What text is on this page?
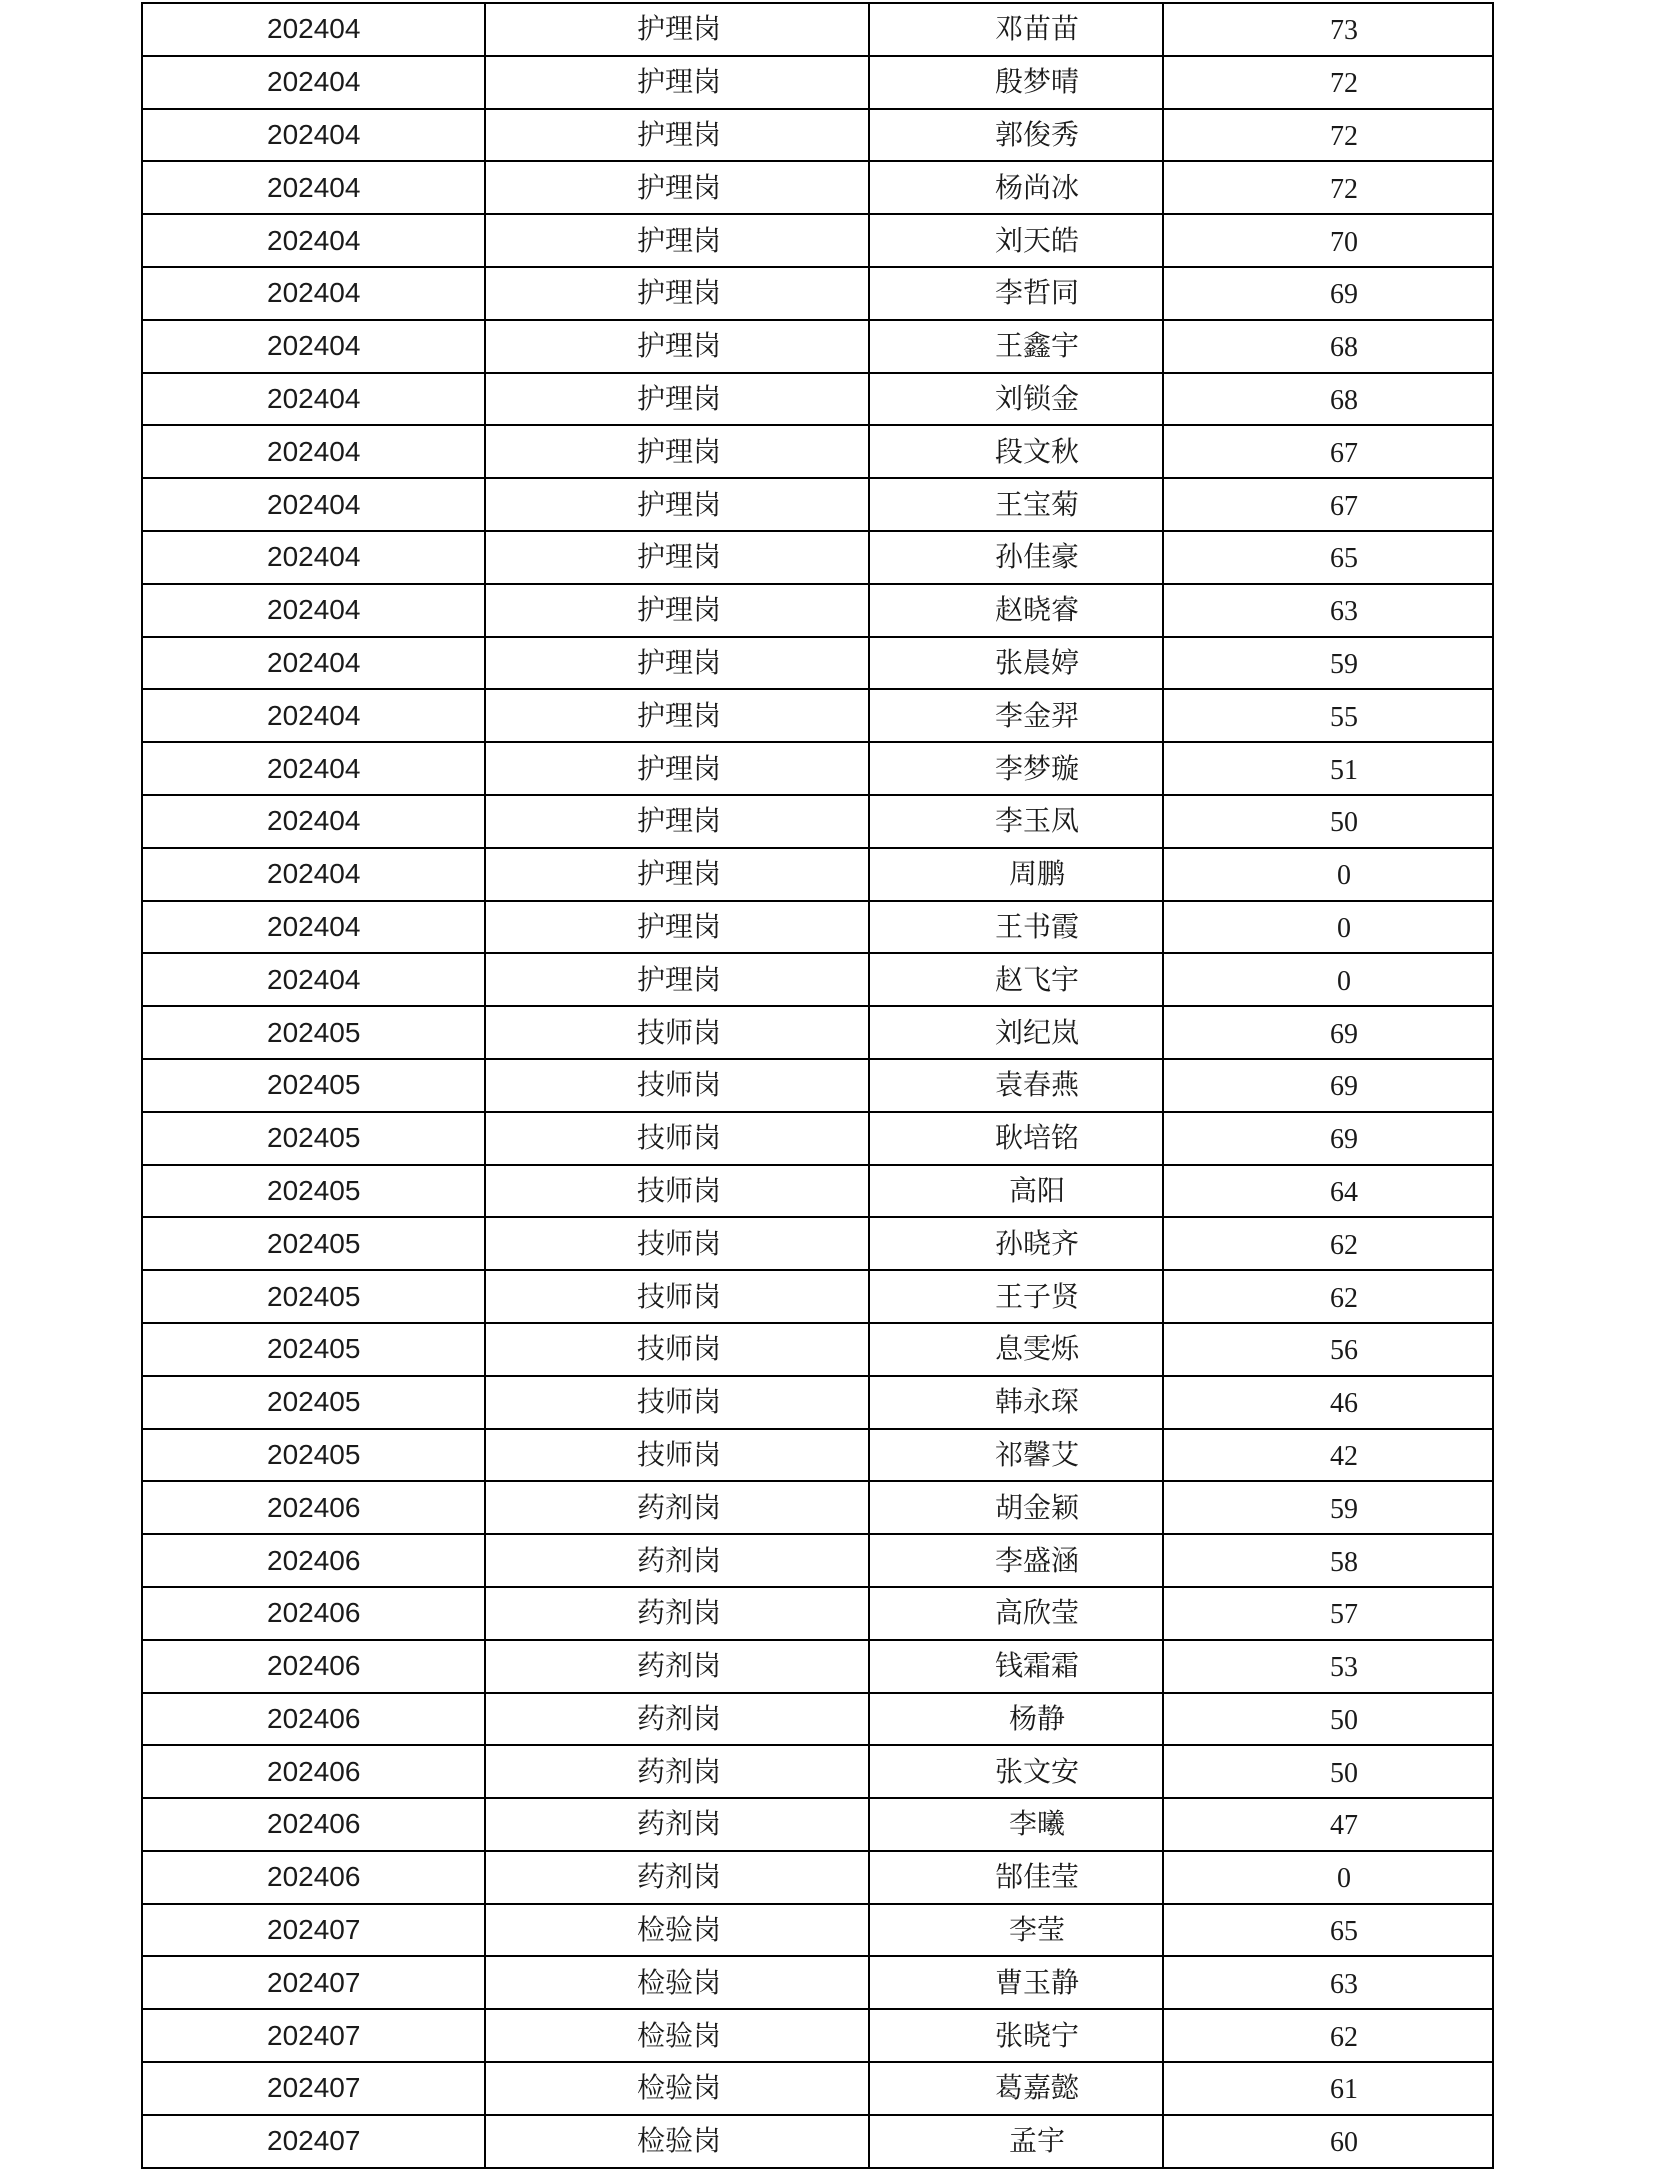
202404	护理岗	邓苗苗	73
202404	护理岗	殷梦晴	72
202404	护理岗	郭俊秀	72
202404	护理岗	杨尚冰	72
202404	护理岗	刘天皓	70
202404	护理岗	李哲同	69
202404	护理岗	王鑫宇	68
202404	护理岗	刘锁金	68
202404	护理岗	段文秋	67
202404	护理岗	王宝菊	67
202404	护理岗	孙佳豪	65
202404	护理岗	赵晓睿	63
202404	护理岗	张晨婷	59
202404	护理岗	李金羿	55
202404	护理岗	李梦璇	51
202404	护理岗	李玉凤	50
202404	护理岗	周鹏	0
202404	护理岗	王书霞	0
202404	护理岗	赵飞宇	0
202405	技师岗	刘纪岚	69
202405	技师岗	袁春燕	69
202405	技师岗	耿培铭	69
202405	技师岗	高阳	64
202405	技师岗	孙晓齐	62
202405	技师岗	王子贤	62
202405	技师岗	息雯烁	56
202405	技师岗	韩永琛	46
202405	技师岗	祁馨艾	42
202406	药剂岗	胡金颖	59
202406	药剂岗	李盛涵	58
202406	药剂岗	高欣莹	57
202406	药剂岗	钱霜霜	53
202406	药剂岗	杨静	50
202406	药剂岗	张文安	50
202406	药剂岗	李曦	47
202406	药剂岗	郜佳莹	0
202407	检验岗	李莹	65
202407	检验岗	曹玉静	63
202407	检验岗	张晓宁	62
202407	检验岗	葛嘉懿	61
202407	检验岗	孟宇	60
